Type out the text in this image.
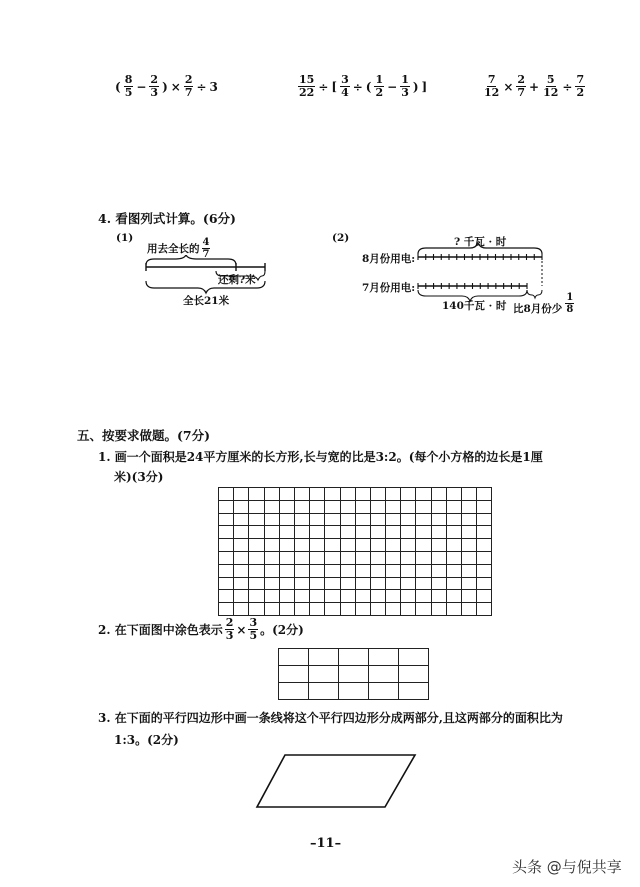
( $\frac{8}{5} - \frac{2}{3}$ ) × $\frac{2}{7} \div 3$	$\frac{15}{22}$ ÷ [ $\frac{3}{4}$ ÷ ( $\frac{1}{2} - \frac{1}{3}$ ) ]	$\frac{7}{12} \times \frac{2}{7} + \frac{5}{12} \div \frac{7}{2}$
4. 看图列式计算。(6分)
(1)
用去全长的 $\frac{4}{7}$
还剩?米
全长21米
(2)	? 千瓦 · 时
8月份用电:
7月份用电:
140千瓦 · 时 比8月份少 $\frac{1}{8}$
五、按要求做题。(7分)
1. 画一个面积是24平方厘米的长方形,长与宽的比是3:2。(每个小方格的边长是1厘
米)(3分)

2. 在下面图中涂色表示 $\frac{2}{3} \times \frac{3}{5}$ 。(2分)

3. 在下面的平行四边形中画一条线将这个平行四边形分成两部分,且这两部分的面积比为
1:3。(2分)
–11–
头条 @与倪共享
